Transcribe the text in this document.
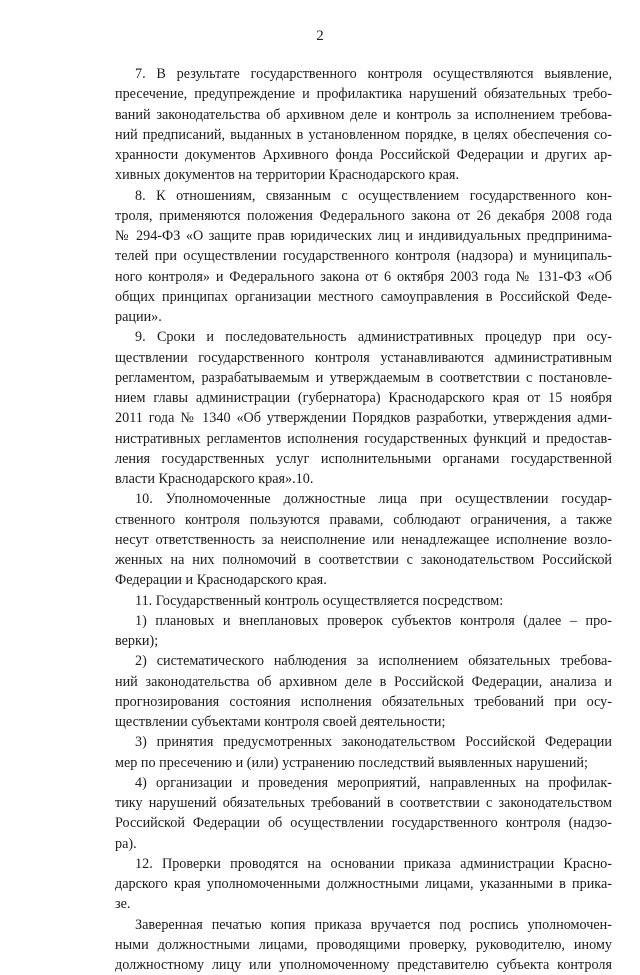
2
7. В результате государственного контроля осуществляются выявление,
пресечение, предупреждение и профилактика нарушений обязательных требо-
ваний законодательства об архивном деле и контроль за исполнением требова-
ний предписаний, выданных в установленном порядке, в целях обеспечения со-
хранности документов Архивного фонда Российской Федерации и других ар-
хивных документов на территории Краснодарского края.
8. К отношениям, связанным с осуществлением государственного кон-
троля, применяются положения Федерального закона от 26 декабря 2008 года
№ 294-ФЗ «О защите прав юридических лиц и индивидуальных предпринима-
телей при осуществлении государственного контроля (надзора) и муниципаль-
ного контроля» и Федерального закона от 6 октября 2003 года № 131-ФЗ «Об
общих принципах организации местного самоуправления в Российской Феде-
рации».
9. Сроки и последовательность административных процедур при осу-
ществлении государственного контроля устанавливаются административным
регламентом, разрабатываемым и утверждаемым в соответствии с постановле-
нием главы администрации (губернатора) Краснодарского края от 15 ноября
2011 года № 1340 «Об утверждении Порядков разработки, утверждения адми-
нистративных регламентов исполнения государственных функций и предостав-
ления государственных услуг исполнительными органами государственной
власти Краснодарского края».10.
10. Уполномоченные должностные лица при осуществлении государ-
ственного контроля пользуются правами, соблюдают ограничения, а также
несут ответственность за неисполнение или ненадлежащее исполнение возло-
женных на них полномочий в соответствии с законодательством Российской
Федерации и Краснодарского края.
11. Государственный контроль осуществляется посредством:
1) плановых и внеплановых проверок субъектов контроля (далее – про-
верки);
2) систематического наблюдения за исполнением обязательных требова-
ний законодательства об архивном деле в Российской Федерации, анализа и
прогнозирования состояния исполнения обязательных требований при осу-
ществлении субъектами контроля своей деятельности;
3) принятия предусмотренных законодательством Российской Федерации
мер по пресечению и (или) устранению последствий выявленных нарушений;
4) организации и проведения мероприятий, направленных на профилак-
тику нарушений обязательных требований в соответствии с законодательством
Российской Федерации об осуществлении государственного контроля (надзо-
ра).
12. Проверки проводятся на основании приказа администрации Красно-
дарского края уполномоченными должностными лицами, указанными в прика-
зе.
Заверенная печатью копия приказа вручается под роспись уполномочен-
ными должностными лицами, проводящими проверку, руководителю, иному
должностному лицу или уполномоченному представителю субъекта контроля
